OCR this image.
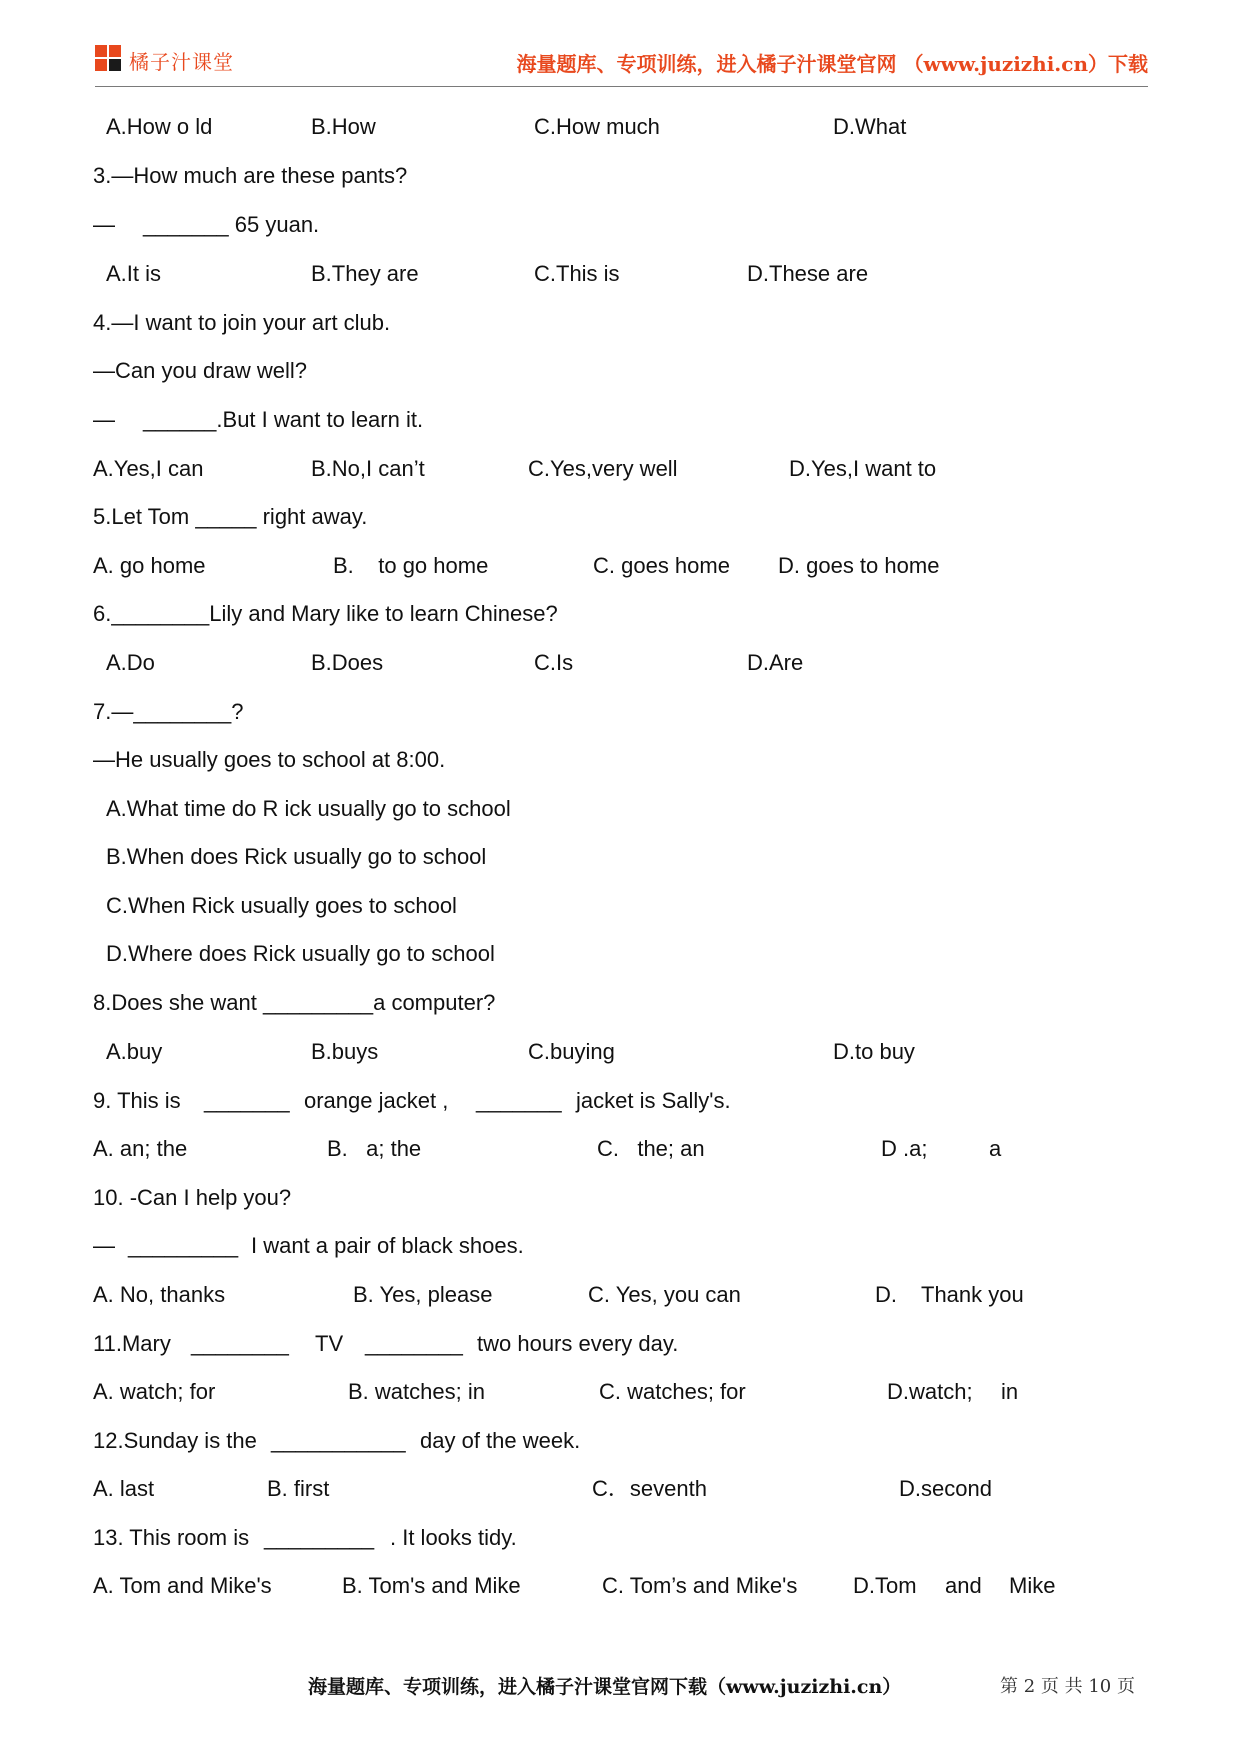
橘子汁课堂	海量题库、专项训练，进入橘子汁课堂官网 （www.juzizhi.cn）下载
A.How o ld	B.How	C.How much	D.What
3.—How much are these pants?
— _______ 65 yuan.
A.It is	B.They are	C.This is	D.These are
4.—I want to join your art club.
—Can you draw well?
— ______.But I want to learn it.
A.Yes,I can	B.No,I can’t	C.Yes,very well	D.Yes,I want to
5.Let Tom _____ right away.
A. go home	B.    to go home	C. goes home D. goes to home
6.________Lily and Mary like to learn Chinese?
A.Do	B.Does	C.Is	D.Are
7.—________?
—He usually goes to school at 8:00.
A.What time do R ick usually go to school
B.When does Rick usually go to school
C.When Rick usually goes to school
D.Where does Rick usually go to school
8.Does she want _________a computer?
A.buy	B.buys	C.buying	D.to buy
9. This is _______ orange jacket , _______ jacket is Sally's.
A. an; the	B.   a; the	C.   the; an	D .a;	a
10. -Can I help you?
— _________ I want a pair of black shoes.
A. No, thanks	B. Yes, please	C. Yes, you can	D. Thank you
11.Mary ________ TV ________ two hours every day.
A. watch; for	B. watches; in	C. watches; for	D.watch; in
12.Sunday is the ___________ day of the week.
A. last	B. first	C．seventh	D.second
13. This room is _________ . It looks tidy.
A. Tom and Mike's	B. Tom's and Mike	C. Tom’s and Mike's	D.Tom and Mike
海量题库、专项训练，进入橘子汁课堂官网下载（www.juzizhi.cn）	第 2 页 共 10 页
